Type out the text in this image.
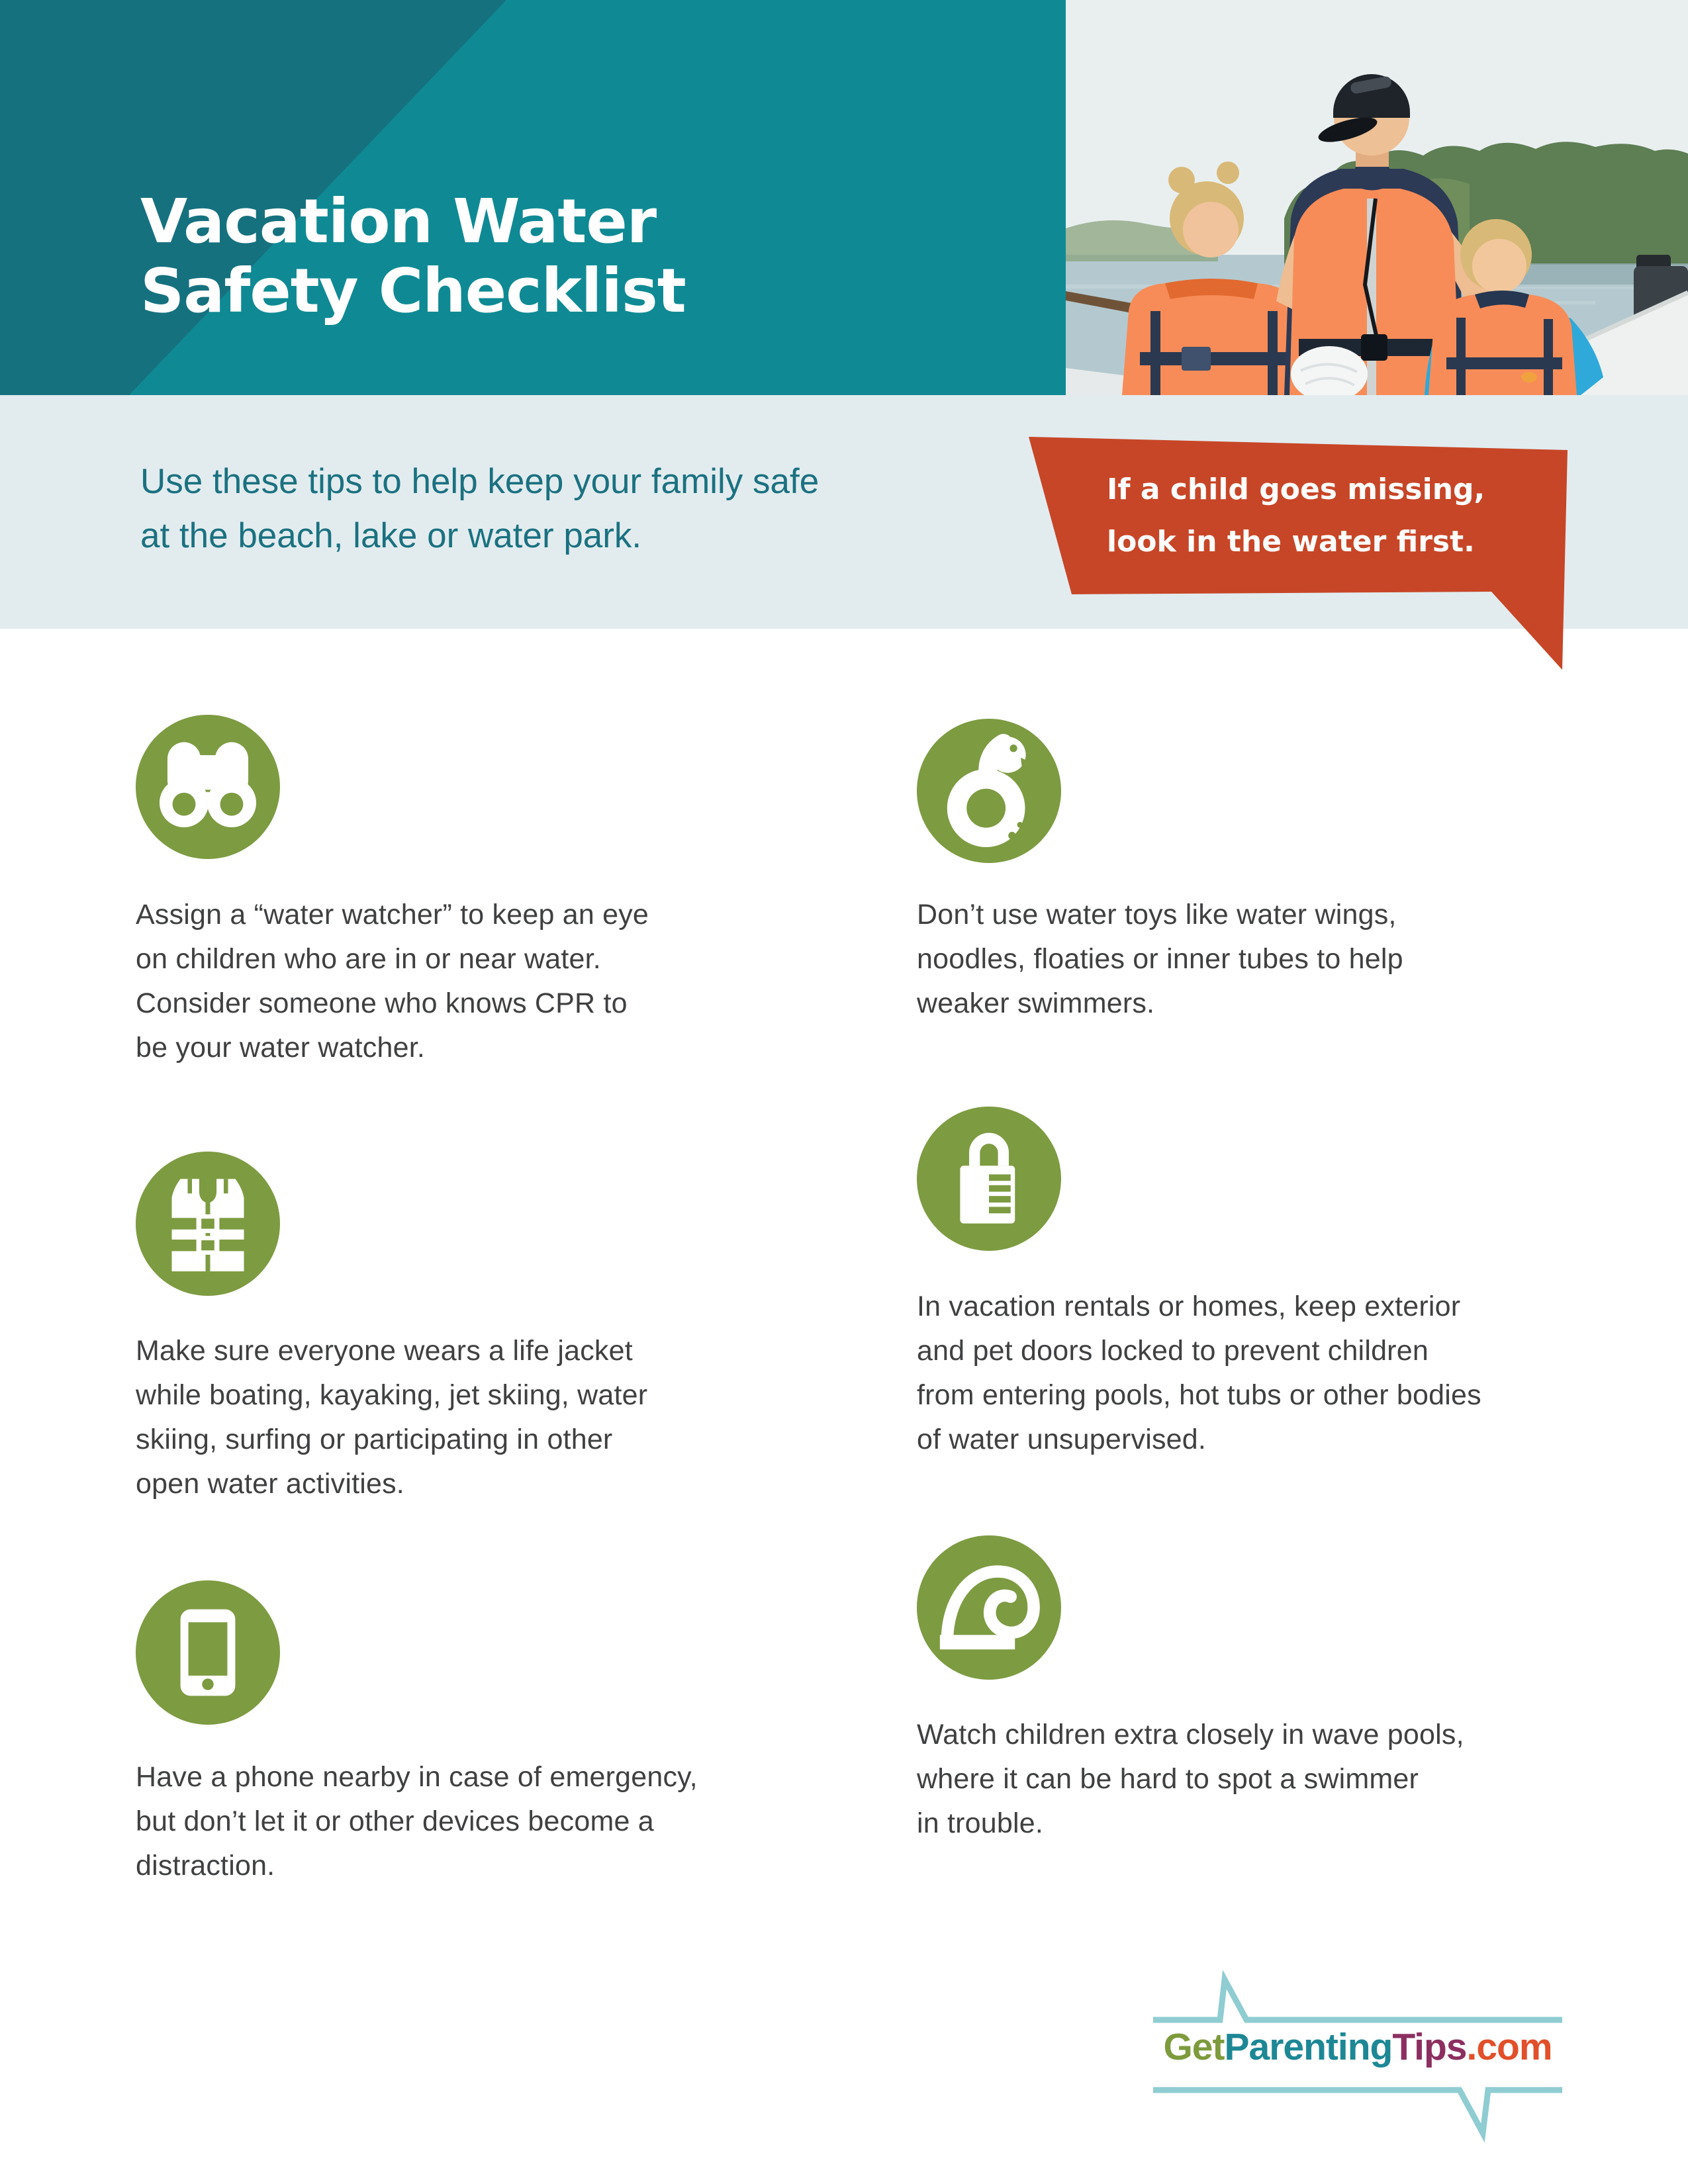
Vacation Water
Safety Checklist
Use these tips to help keep your family safe
at the beach, lake or water park.
If a child goes missing,
look in the water first.
Assign a “water watcher” to keep an eye
on children who are in or near water.
Consider someone who knows CPR to
be your water watcher.
Don’t use water toys like water wings,
noodles, floaties or inner tubes to help
weaker swimmers.
Make sure everyone wears a life jacket
while boating, kayaking, jet skiing, water
skiing, surfing or participating in other
open water activities.
In vacation rentals or homes, keep exterior
and pet doors locked to prevent children
from entering pools, hot tubs or other bodies
of water unsupervised.
Have a phone nearby in case of emergency,
but don’t let it or other devices become a
distraction.
Watch children extra closely in wave pools,
where it can be hard to spot a swimmer
in trouble.
GetParentingTips.com
